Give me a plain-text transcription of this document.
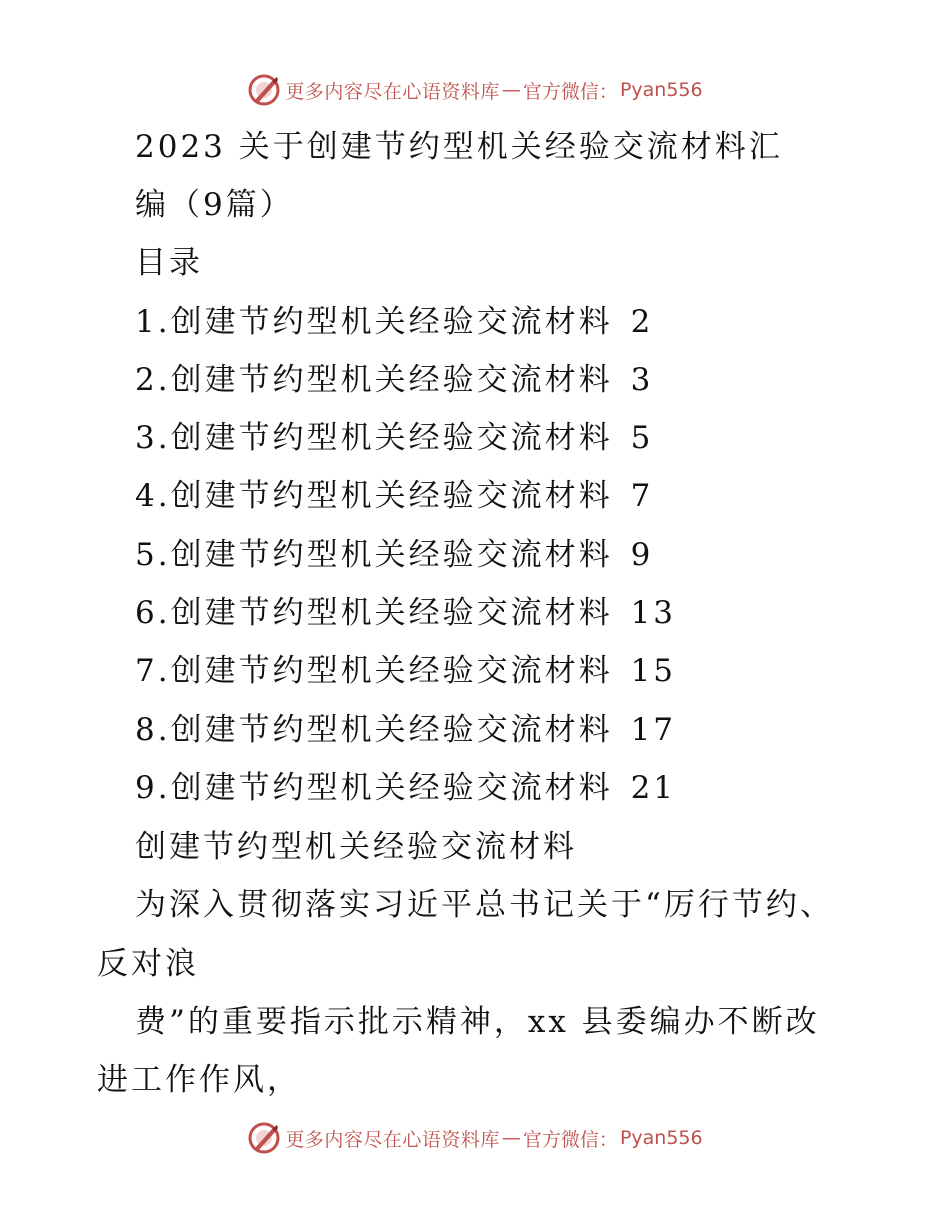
更多内容尽在心语资料库 — 官方微信： Pyan556
2023 关于创建节约型机关经验交流材料汇
编（9篇）
目录
1.创建节约型机关经验交流材料 2
2.创建节约型机关经验交流材料 3
3.创建节约型机关经验交流材料 5
4.创建节约型机关经验交流材料 7
5.创建节约型机关经验交流材料 9
6.创建节约型机关经验交流材料 13
7.创建节约型机关经验交流材料 15
8.创建节约型机关经验交流材料 17
9.创建节约型机关经验交流材料 21
创建节约型机关经验交流材料
为深入贯彻落实习近平总书记关于“厉行节约、
反对浪
费”的重要指示批示精神，xx 县委编办不断改
进工作作风，
更多内容尽在心语资料库 — 官方微信： Pyan556
